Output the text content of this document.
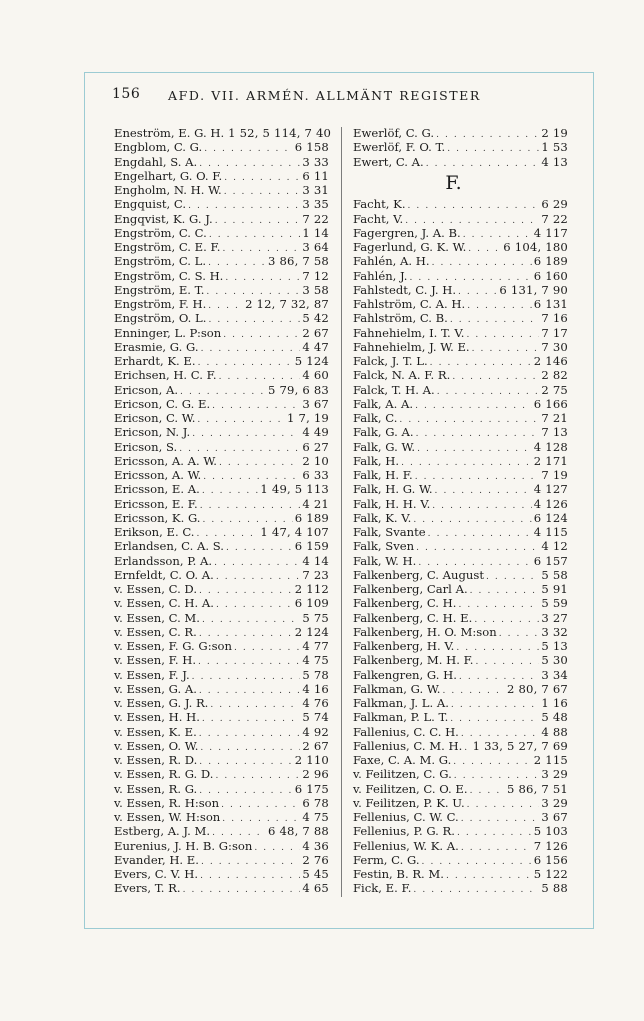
156 AFD. VII. ARMÉN. ALLMÄNT REGISTER
Eneström, E. G. H. 1 52, 5 114, 7 40
Engblom, C. G. . . .	6 158
Engdahl, S. A. . . .	3 33
Engelhart, G. O. F. . . .	6 11
Engholm, N. H. W. . . .	3 31
Engquist, C. . . .	3 35
Engqvist, K. G. J. . . .	7 22
Engström, C. C. . . .	1 14
Engström, C. E. F. . . .	3 64
Engström, C. L. . . .	3 86, 7 58
Engström, C. S. H. . . .	7 12
Engström, E. T. . . .	3 58
Engström, F. H. . . .	2 12, 7 32, 87
Engström, O. L. . . .	5 42
Enninger, L. P:son . . .	2 67
Erasmie, G. G. . . .	4 47
Erhardt, K. E. . . .	5 124
Erichsen, H. C. F. . . .	4 60
Ericson, A. . . .	5 79, 6 83
Ericson, C. G. E. . . .	3 67
Ericson, C. W. . . .	1 7, 19
Ericson, N. J. . . .	4 49
Ericson, S. . . .	6 27
Ericsson, A. A. W. . . .	2 10
Ericsson, A. W. . . .	6 33
Ericsson, E. A. . . .	1 49, 5 113
Ericsson, E. F. . . .	4 21
Ericsson, K. G. . . .	6 189
Erikson, E. C. . . .	1 47, 4 107
Erlandsen, C. A. S. . . .	6 159
Erlandsson, P. A. . . .	4 14
Ernfeldt, C. O. A. . . .	7 23
v. Essen, C. D. . . .	2 112
v. Essen, C. H. A. . . .	6 109
v. Essen, C. M. . . .	5 75
v. Essen, C. R. . . .	2 124
v. Essen, F. G. G:son . . .	4 77
v. Essen, F. H. . . .	4 75
v. Essen, F. J. . . .	5 78
v. Essen, G. A. . . .	4 16
v. Essen, G. J. R. . . .	4 76
v. Essen, H. H. . . .	5 74
v. Essen, K. E. . . .	4 92
v. Essen, O. W. . . .	2 67
v. Essen, R. D. . . .	2 110
v. Essen, R. G. D. . . .	2 96
v. Essen, R. G. . . .	6 175
v. Essen, R. H:son . . .	6 78
v. Essen, W. H:son . . .	4 75
Estberg, A. J. M. . . .	6 48, 7 88
Eurenius, J. H. B. G:son . . .	4 36
Evander, H. E. . . .	2 76
Evers, C. V. H. . . .	5 45
Evers, T. R. . . .	4 65
Ewerlöf, C. G. . . .	2 19
Ewerlöf, F. O. T. . . .	1 53
Ewert, C. A. . . .	4 13
F.
Facht, K. . . .	6 29
Facht, V. . . .	7 22
Fagergren, J. A. B. . . .	4 117
Fagerlund, G. K. W. . . .	6 104, 180
Fahlén, A. H. . . .	6 189
Fahlén, J. . . .	6 160
Fahlstedt, C. J. H. . . .	6 131, 7 90
Fahlström, C. A. H. . . .	6 131
Fahlström, C. B. . . .	7 16
Fahnehielm, I. T. V. . . .	7 17
Fahnehielm, J. W. E. . . .	7 30
Falck, J. T. L. . . .	2 146
Falck, N. A. F. R. . . .	2 82
Falck, T. H. A. . . .	2 75
Falk, A. A. . . .	6 166
Falk, C. . . .	7 21
Falk, G. A. . . .	7 13
Falk, G. W. . . .	4 128
Falk, H. . . .	2 171
Falk, H. F. . . .	7 19
Falk, H. G. W. . . .	4 127
Falk, H. H. V. . . .	4 126
Falk, K. V. . . .	6 124
Falk, Svante . . .	4 115
Falk, Sven . . .	4 12
Falk, W. H. . . .	6 157
Falkenberg, C. August . . .	5 58
Falkenberg, Carl A. . . .	5 91
Falkenberg, C. H. . . .	5 59
Falkenberg, C. H. E. . . .	3 27
Falkenberg, H. O. M:son . . .	3 32
Falkenberg, H. V. . . .	5 13
Falkenberg, M. H. F. . . .	5 30
Falkengren, G. H. . . .	3 34
Falkman, G. W. . . .	2 80, 7 67
Falkman, J. L. A. . . .	1 16
Falkman, P. L. T. . . .	5 48
Fallenius, C. C. H. . . .	4 88
Fallenius, C. M. H. . . . 1 33, 5 27, 7 69
Faxe, C. A. M. G. . . .	2 115
v. Feilitzen, C. G. . . .	3 29
v. Feilitzen, C. O. E. . . .	5 86, 7 51
v. Feilitzen, P. K. U. . . .	3 29
Fellenius, C. W. C. . . .	3 67
Fellenius, P. G. R. . . .	5 103
Fellenius, W. K. A. . . .	7 126
Ferm, C. G. . . .	6 156
Festin, B. R. M. . . .	5 122
Fick, E. F. . . .	5 88
